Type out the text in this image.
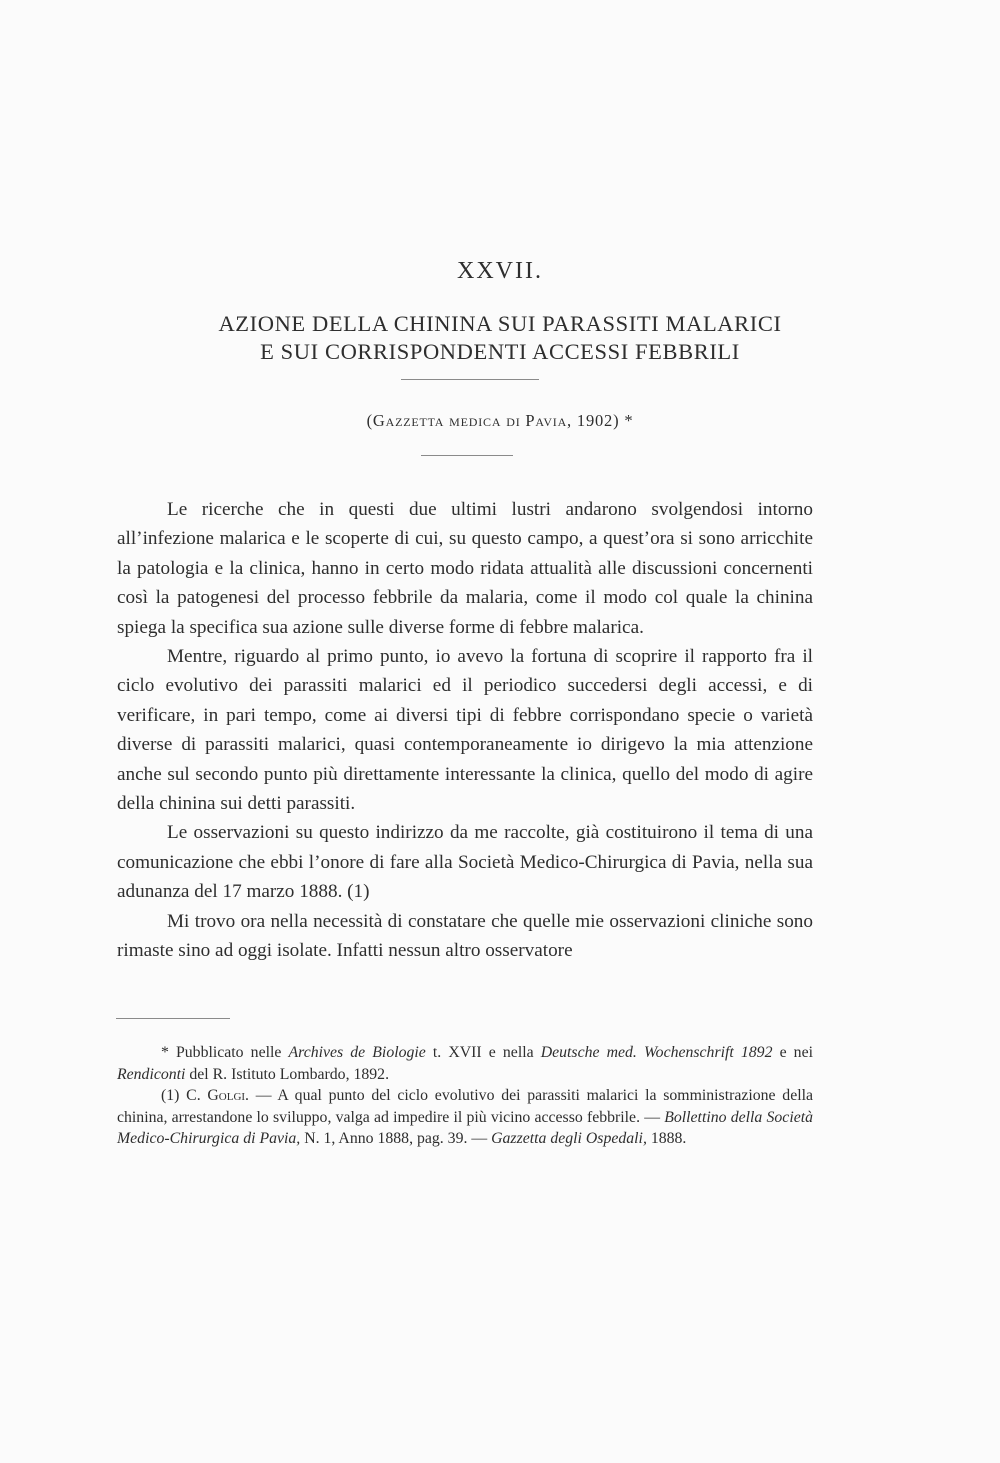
XXVII.
AZIONE DELLA CHININA SUI PARASSITI MALARICI
E SUI CORRISPONDENTI ACCESSI FEBBRILI
(Gazzetta medica di Pavia, 1902) *

Le ricerche che in questi due ultimi lustri andarono svolgendosi intorno all’infezione malarica e le scoperte di cui, su questo campo, a quest’ora si sono arricchite la patologia e la clinica, hanno in certo modo ridata attualità alle discussioni concernenti così la patogenesi del processo febbrile da malaria, come il modo col quale la chinina spiega la specifica sua azione sulle diverse forme di febbre malarica.

Mentre, riguardo al primo punto, io avevo la fortuna di scoprire il rapporto fra il ciclo evolutivo dei parassiti malarici ed il periodico succedersi degli accessi, e di verificare, in pari tempo, come ai diversi tipi di febbre corrispondano specie o varietà diverse di parassiti malarici, quasi contemporaneamente io dirigevo la mia attenzione anche sul secondo punto più direttamente interessante la clinica, quello del modo di agire della chinina sui detti parassiti.

Le osservazioni su questo indirizzo da me raccolte, già costituirono il tema di una comunicazione che ebbi l’onore di fare alla Società Medico-Chirurgica di Pavia, nella sua adunanza del 17 marzo 1888. (1)

Mi trovo ora nella necessità di constatare che quelle mie osservazioni cliniche sono rimaste sino ad oggi isolate. Infatti nessun altro osservatore

* Pubblicato nelle Archives de Biologie t. XVII e nella Deutsche med. Wochenschrift 1892 e nei Rendiconti del R. Istituto Lombardo, 1892.

(1) C. Golgi. — A qual punto del ciclo evolutivo dei parassiti malarici la somministrazione della chinina, arrestandone lo sviluppo, valga ad impedire il più vicino accesso febbrile. — Bollettino della Società Medico-Chirurgica di Pavia, N. 1, Anno 1888, pag. 39. — Gazzetta degli Ospedali, 1888.
